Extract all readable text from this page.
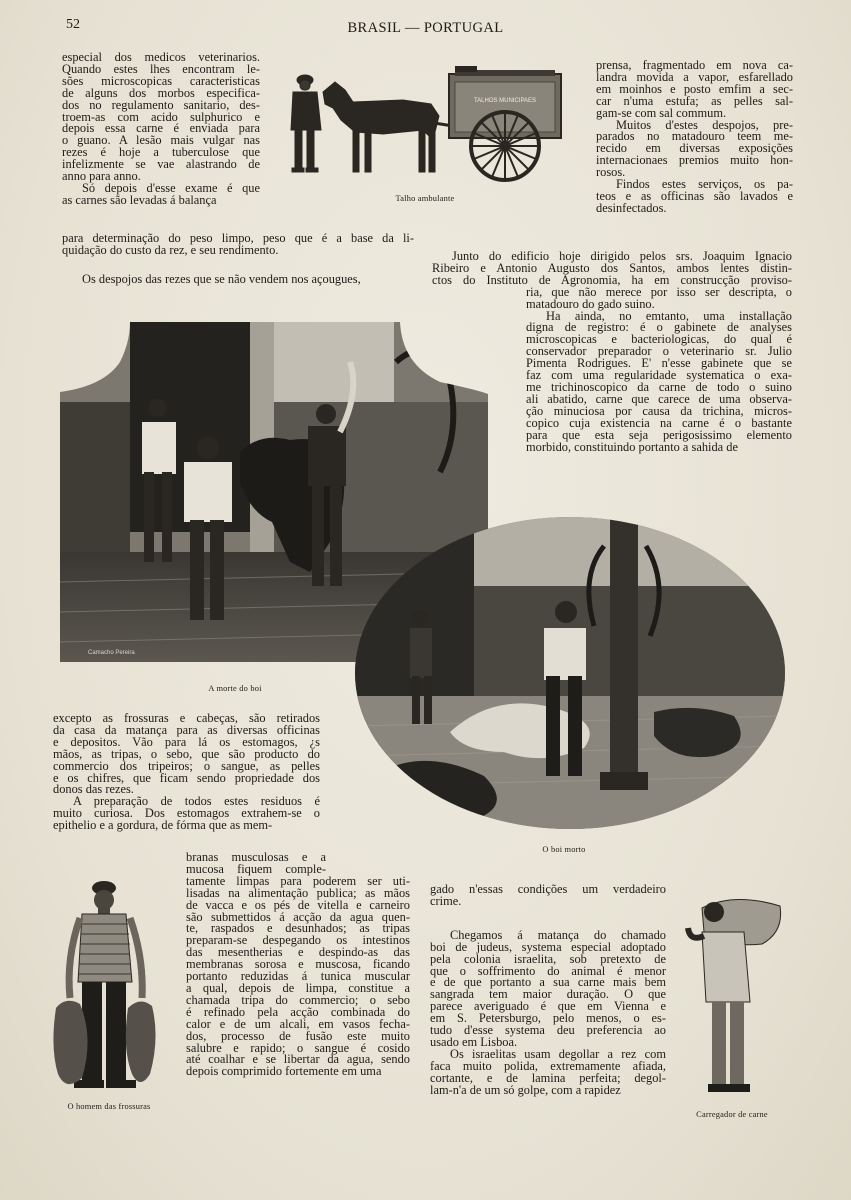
52	BRASIL — PORTUGAL
especial dos medicos veterinarios.
Quando estes lhes encontram le-
sões microscopicas caracteristicas
de alguns dos morbos especifica-
dos no regulamento sanitario, des-
troem-as com acido sulphurico e
depois essa carne é enviada para
o guano. A lesão mais vulgar nas
rezes é hoje a tuberculose que
infelizmente se vae alastrando de
anno para anno.
Só depois d'esse exame é que
as carnes são levadas á balança
para determinação do peso limpo, peso que é a base da li-
quidação do custo da rez, e seu rendimento.
Os despojos das rezes que se não vendem nos açougues,
TALHOS MUNICIPAES
Talho ambulante
prensa, fragmentado em nova ca-
landra movida a vapor, esfarellado
em moinhos e posto emfim a sec-
car n'uma estufa; as pelles sal-
gam-se com sal commum.
Muitos d'estes despojos, pre-
parados no matadouro teem me-
recido em diversas exposições
internacionaes premios muito hon-
rosos.
Findos estes serviços, os pa-
teos e as officinas são lavados e
desinfectados.
Junto do edificio hoje dirigido pelos srs. Joaquim Ignacio
Ribeiro e Antonio Augusto dos Santos, ambos lentes distin-
ctos do Instituto de Agronomia, ha em construcção proviso-
ria, que não merece por isso ser descripta, o
matadouro do gado suino.
Ha ainda, no emtanto, uma installação
digna de registro: é o gabinete de analyses
microscopicas e bacteriologicas, do qual é
conservador preparador o veterinario sr. Julio
Pimenta Rodrigues. E' n'esse gabinete que se
faz com uma regularidade systematica o exa-
me trichinoscopico da carne de todo o suino
ali abatido, carne que carece de uma observa-
ção minuciosa por causa da trichina, micros-
copico cuja existencia na carne é o bastante
para que esta seja perigosissimo elemento
morbido, constituindo portanto a sahida de
Camacho Pereira
A morte do boi
O boi morto
excepto as frossuras e cabeças, são retirados
da casa da matança para as diversas officinas
e depositos. Vão para lá os estomagos, ¿s
mãos, as tripas, o sebo, que são producto do
commercio dos tripeiros; o sangue, as pelles
e os chifres, que ficam sendo propriedade dos
donos das rezes.
A preparação de todos estes residuos é
muito curiosa. Dos estomagos extrahem-se o
epithelio e a gordura, de fórma que as mem-
branas musculosas e a
mucosa fiquem comple-
tamente limpas para poderem ser uti-
lisadas na alimentação publica; as mãos
de vacca e os pés de vitella e carneiro
são submettidos á acção da agua quen-
te, raspados e desunhados; as tripas
preparam-se despegando os intestinos
das mesentherias e despindo-as das
membranas sorosa e muscosa, ficando
portanto reduzidas á tunica muscular
a qual, depois de limpa, constitue a
chamada tripa do commercio; o sebo
é refinado pela acção combinada do
calor e de um alcali, em vasos fecha-
dos, processo de fusão este muito
salubre e rapido; o sangue é cosido
até coalhar e se libertar da agua, sendo
depois comprimido fortemente em uma
O homem das frossuras
gado n'essas condições um verdadeiro
crime.
Chegamos á matança do chamado
boi de judeus, systema especial adoptado
pela colonia israelita, sob pretexto de
que o soffrimento do animal é menor
e de que portanto a sua carne mais bem
sangrada tem maior duração. O que
parece averiguado é que em Vienna e
em S. Petersburgo, pelo menos, o es-
tudo d'esse systema deu preferencia ao
usado em Lisboa.
Os israelitas usam degollar a rez com
faca muito polida, extremamente afiada,
cortante, e de lamina perfeita; degol-
lam-n'a de um só golpe, com a rapidez
Carregador de carne
